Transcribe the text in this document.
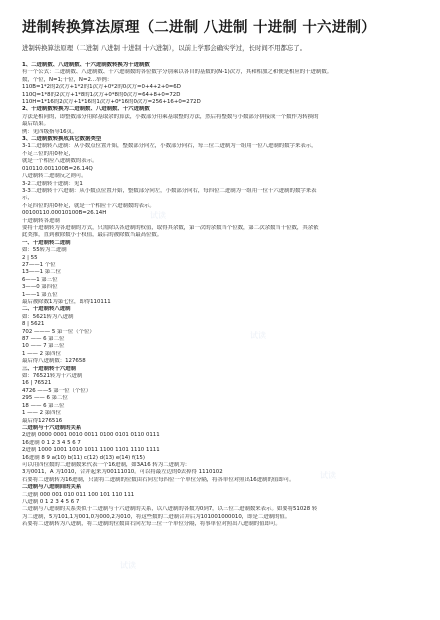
试读
试读
试读
试读
进制转换算法原理（二进制 八进制 十进制 十六进制）
进制转换算法原理（二进制 八进制 十进制 十六进制），以前上学那会确实学过，长时间不用都忘了。
1、二进制数、八进制数、十六进制数转换为十进制数
有一个公式：二进制数、八进制数、十六进制数的各位数字分别乘以各自的基数的(N-1)次方，其和相加之和便是相应的十进制数。
数，个位，N=1;十位，N=2...举例：
110B=1*2的2次方+1*2的1次方+0*2的0次方=0+4+2+0=6D
110Q=1*8的2次方+1*8的1次方+0*8的0次方=64+8+0=72D
110H=1*16的2次方+1*16的1次方+0*16的0次方=256+16+0=272D
2、十进制数转换为二进制数、八进制数、十六进制数
方法是相同的，即整数部分用除基取余的算法，小数部分用乘基取整的方法，然后将整数与小数部分拼接成一个数作为转换的
最后结果。
例：见四级指导16页。
3、二进制数转换成其它数据类型
3-1二进制转八进制：从小数点位置开始，整数部分向左，小数部分向右，每三位二进制为一组用一位八进制的数字来表示，
不足三位的用0补足，
就是一个相应八进制数的表示。
010110.001100B=26.14Q
八进制转二进制反之则可。
3-2二进制转十进制：见1
3-3二进制转十六进制：从小数点位置开始，整数部分向左，小数部分向右，每四位二进制为一组用一位十六进制的数字来表
示，
不足四位的用0补足，就是一个相应十六进制数的表示。
00100110.00010100B=26.14H
十进制转各进制
要将十进制转为各进制的方式，只需除以各进制的权值，取得其余数，第一次的余数当个位数，第二次余数当十位数，其余依
此类推，直到被除数小于权值，最后的被除数当最高位数。
一、十进制转二进制
如：55转为二进制
2 | 55
27——1 个位
13——1 第二位
6——1 第三位
3——0 第四位
1——1 第五位
最后被除数1为第七位，即得110111
二、十进制转八进制
如：5621转为八进制
8 | 5621
702 ——— 5 第一位（个位）
87 —— 6 第二位
10 —— 7 第三位
1 —— 2 第四位
最后得八进制数：127658
三、十进制转十六进制
如：76521转为十六进制
16 | 76521
4726 ——5 第一位（个位）
295 —— 6 第二位
18 —— 6 第三位
1 —— 2 第四位
最后得1276516
二进制与十六进制的关系
2进制 0000 0001 0010 0011 0100 0101 0110 0111
16进制 0 1 2 3 4 5 6 7
2进制 1000 1001 1010 1011 1100 1101 1110 1111
16进制 8 9 a(10) b(11) c(12) d(13) e(14) f(15)
可以用四位数的二进制数来代表一个16进制，如3A16 转为二进制为：
3为0011，A 为1010，合并起来为00111010。可以将最左边的0去掉得 1110102
右要将二进制转为16进制，只需将二进制的位数由右向左每四位一个单位分隔，将各单位对照出16进制的值即可。
二进制与八进制间的关系
二进制 000 001 010 011 100 101 110 111
八进制 0 1 2 3 4 5 6 7
二进制与八进制的关系类似于二进制与十六进制的关系，以八进制的各数为0到7，以三位二进制数来表示。如要将51028 转
为二进制，5为101,1为001,0为000,2为010，将这些数的二进制合并后为101001000010，即是二进制的值。
若要将二进制转为八进制，将二进制的位数由右向左每三位一个单位分隔，将事单位对照出八进制的值即可。
